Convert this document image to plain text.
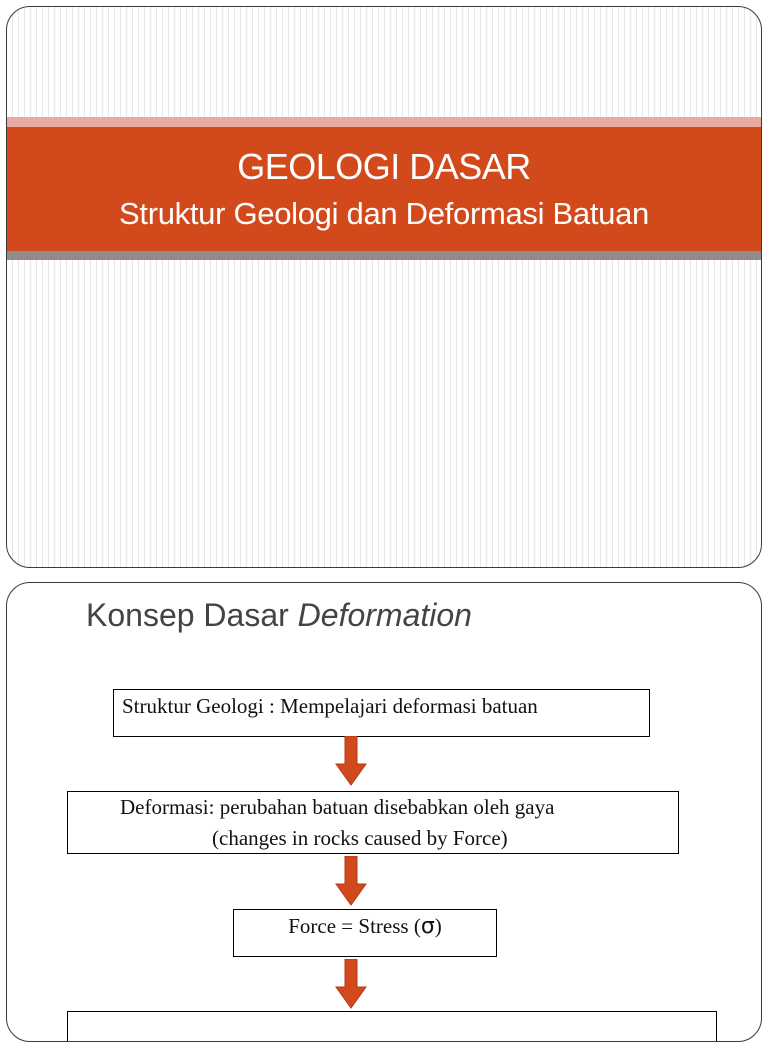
GEOLOGI DASAR
Struktur Geologi dan Deformasi Batuan
Konsep Dasar Deformation
Struktur Geologi : Mempelajari deformasi batuan
Deformasi: perubahan batuan disebabkan oleh gaya
(changes in rocks caused by Force)
Force = Stress (σ)
